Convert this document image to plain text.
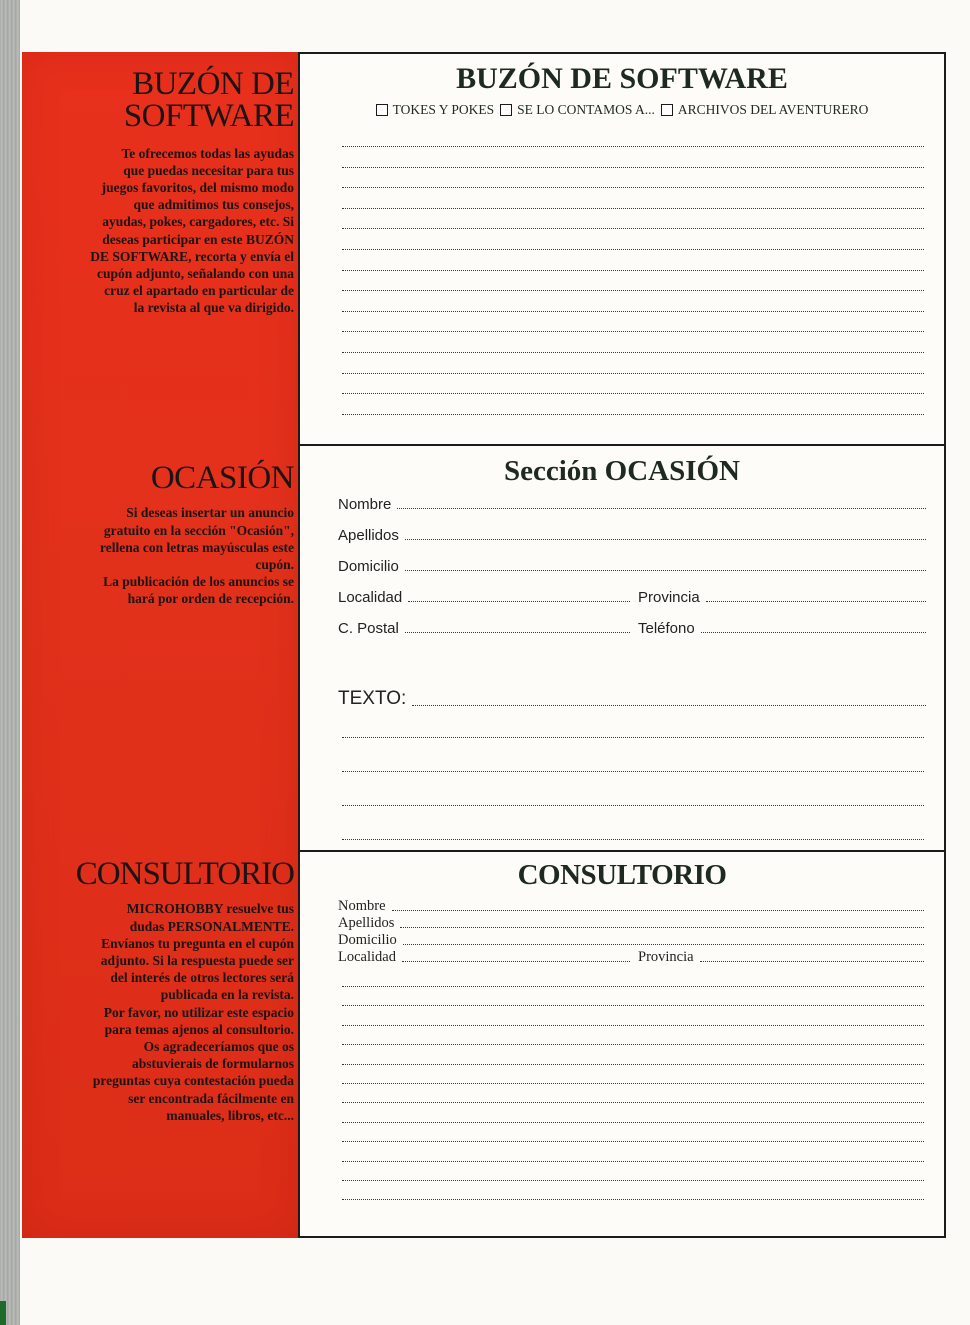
BUZÓN DE
SOFTWARE

Te ofrecemos todas las ayudas
que puedas necesitar para tus
juegos favoritos, del mismo modo
que admitimos tus consejos,
ayudas, pokes, cargadores, etc. Si
deseas participar en este BUZÓN
DE SOFTWARE, recorta y envía el
cupón adjunto, señalando con una
cruz el apartado en particular de
la revista al que va dirigido.

OCASIÓN

Si deseas insertar un anuncio
gratuito en la sección "Ocasión",
rellena con letras mayúsculas este
cupón.
La publicación de los anuncios se
hará por orden de recepción.

CONSULTORIO

MICROHOBBY resuelve tus
dudas PERSONALMENTE.
Envíanos tu pregunta en el cupón
adjunto. Si la respuesta puede ser
del interés de otros lectores será
publicada en la revista.
Por favor, no utilizar este espacio
para temas ajenos al consultorio.
Os agradeceríamos que os
abstuvierais de formularnos
preguntas cuya contestación pueda
ser encontrada fácilmente en
manuales, libros, etc...

BUZÓN DE SOFTWARE
TOKES Y POKES SE LO CONTAMOS A... ARCHIVOS DEL AVENTURERO
Sección OCASIÓN
Nombre
Apellidos
Domicilio
Localidad	Provincia
C. Postal	Teléfono
TEXTO:
CONSULTORIO
Nombre
Apellidos
Domicilio
Localidad	Provincia
